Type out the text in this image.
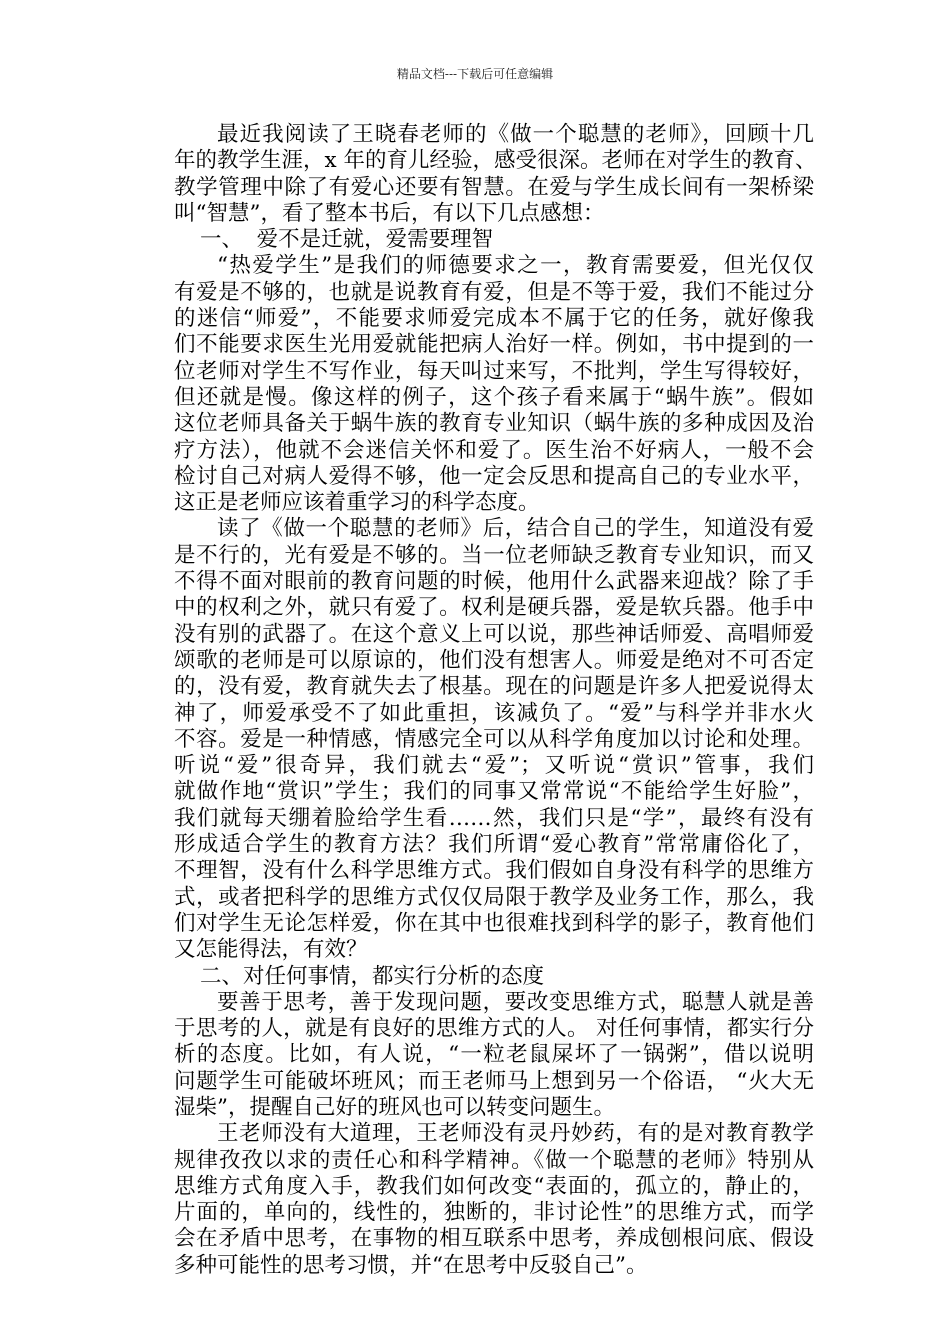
精品文档---下载后可任意编辑
最近我阅读了王晓春老师的《做一个聪慧的老师》，回顾十几
年的教学生涯，x 年的育儿经验，感受很深。老师在对学生的教育、
教学管理中除了有爱心还要有智慧。在爱与学生成长间有一架桥梁
叫“智慧”，看了整本书后，有以下几点感想：
一、  爱不是迁就，爱需要理智
“热爱学生”是我们的师德要求之一，教育需要爱，但光仅仅
有爱是不够的，也就是说教育有爱，但是不等于爱，我们不能过分
的迷信“师爱”，不能要求师爱完成本不属于它的任务，就好像我
们不能要求医生光用爱就能把病人治好一样。例如，书中提到的一
位老师对学生不写作业，每天叫过来写，不批判，学生写得较好，
但还就是慢。像这样的例子，这个孩子看来属于“蜗牛族”。假如
这位老师具备关于蜗牛族的教育专业知识（蜗牛族的多种成因及治
疗方法），他就不会迷信关怀和爱了。医生治不好病人，一般不会
检讨自己对病人爱得不够，他一定会反思和提高自己的专业水平，
这正是老师应该着重学习的科学态度。
读了《做一个聪慧的老师》后，结合自己的学生，知道没有爱
是不行的，光有爱是不够的。当一位老师缺乏教育专业知识，而又
不得不面对眼前的教育问题的时候，他用什么武器来迎战？除了手
中的权利之外，就只有爱了。权利是硬兵器，爱是软兵器。他手中
没有别的武器了。在这个意义上可以说，那些神话师爱、高唱师爱
颂歌的老师是可以原谅的，他们没有想害人。师爱是绝对不可否定
的，没有爱，教育就失去了根基。现在的问题是许多人把爱说得太
神了，师爱承受不了如此重担，该减负了。“爱”与科学并非水火
不容。爱是一种情感，情感完全可以从科学角度加以讨论和处理。
听说“爱”很奇异，我们就去“爱”；又听说“赏识”管事，我们
就做作地“赏识”学生；我们的同事又常常说“不能给学生好脸”，
我们就每天绷着脸给学生看……然，我们只是“学”，最终有没有
形成适合学生的教育方法？我们所谓“爱心教育”常常庸俗化了，
不理智，没有什么科学思维方式。我们假如自身没有科学的思维方
式，或者把科学的思维方式仅仅局限于教学及业务工作，那么，我
们对学生无论怎样爱，你在其中也很难找到科学的影子，教育他们
又怎能得法，有效？
二、对任何事情，都实行分析的态度
要善于思考，善于发现问题，要改变思维方式，聪慧人就是善
于思考的人，就是有良好的思维方式的人。 对任何事情，都实行分
析的态度。比如，有人说，“一粒老鼠屎坏了一锅粥”，借以说明
问题学生可能破坏班风；而王老师马上想到另一个俗语， “火大无
湿柴”，提醒自己好的班风也可以转变问题生。
王老师没有大道理，王老师没有灵丹妙药，有的是对教育教学
规律孜孜以求的责任心和科学精神。《做一个聪慧的老师》特别从
思维方式角度入手，教我们如何改变“表面的，孤立的，静止的，
片面的，单向的，线性的，独断的，非讨论性”的思维方式，而学
会在矛盾中思考，在事物的相互联系中思考，养成刨根问底、假设
多种可能性的思考习惯，并“在思考中反驳自己”。
